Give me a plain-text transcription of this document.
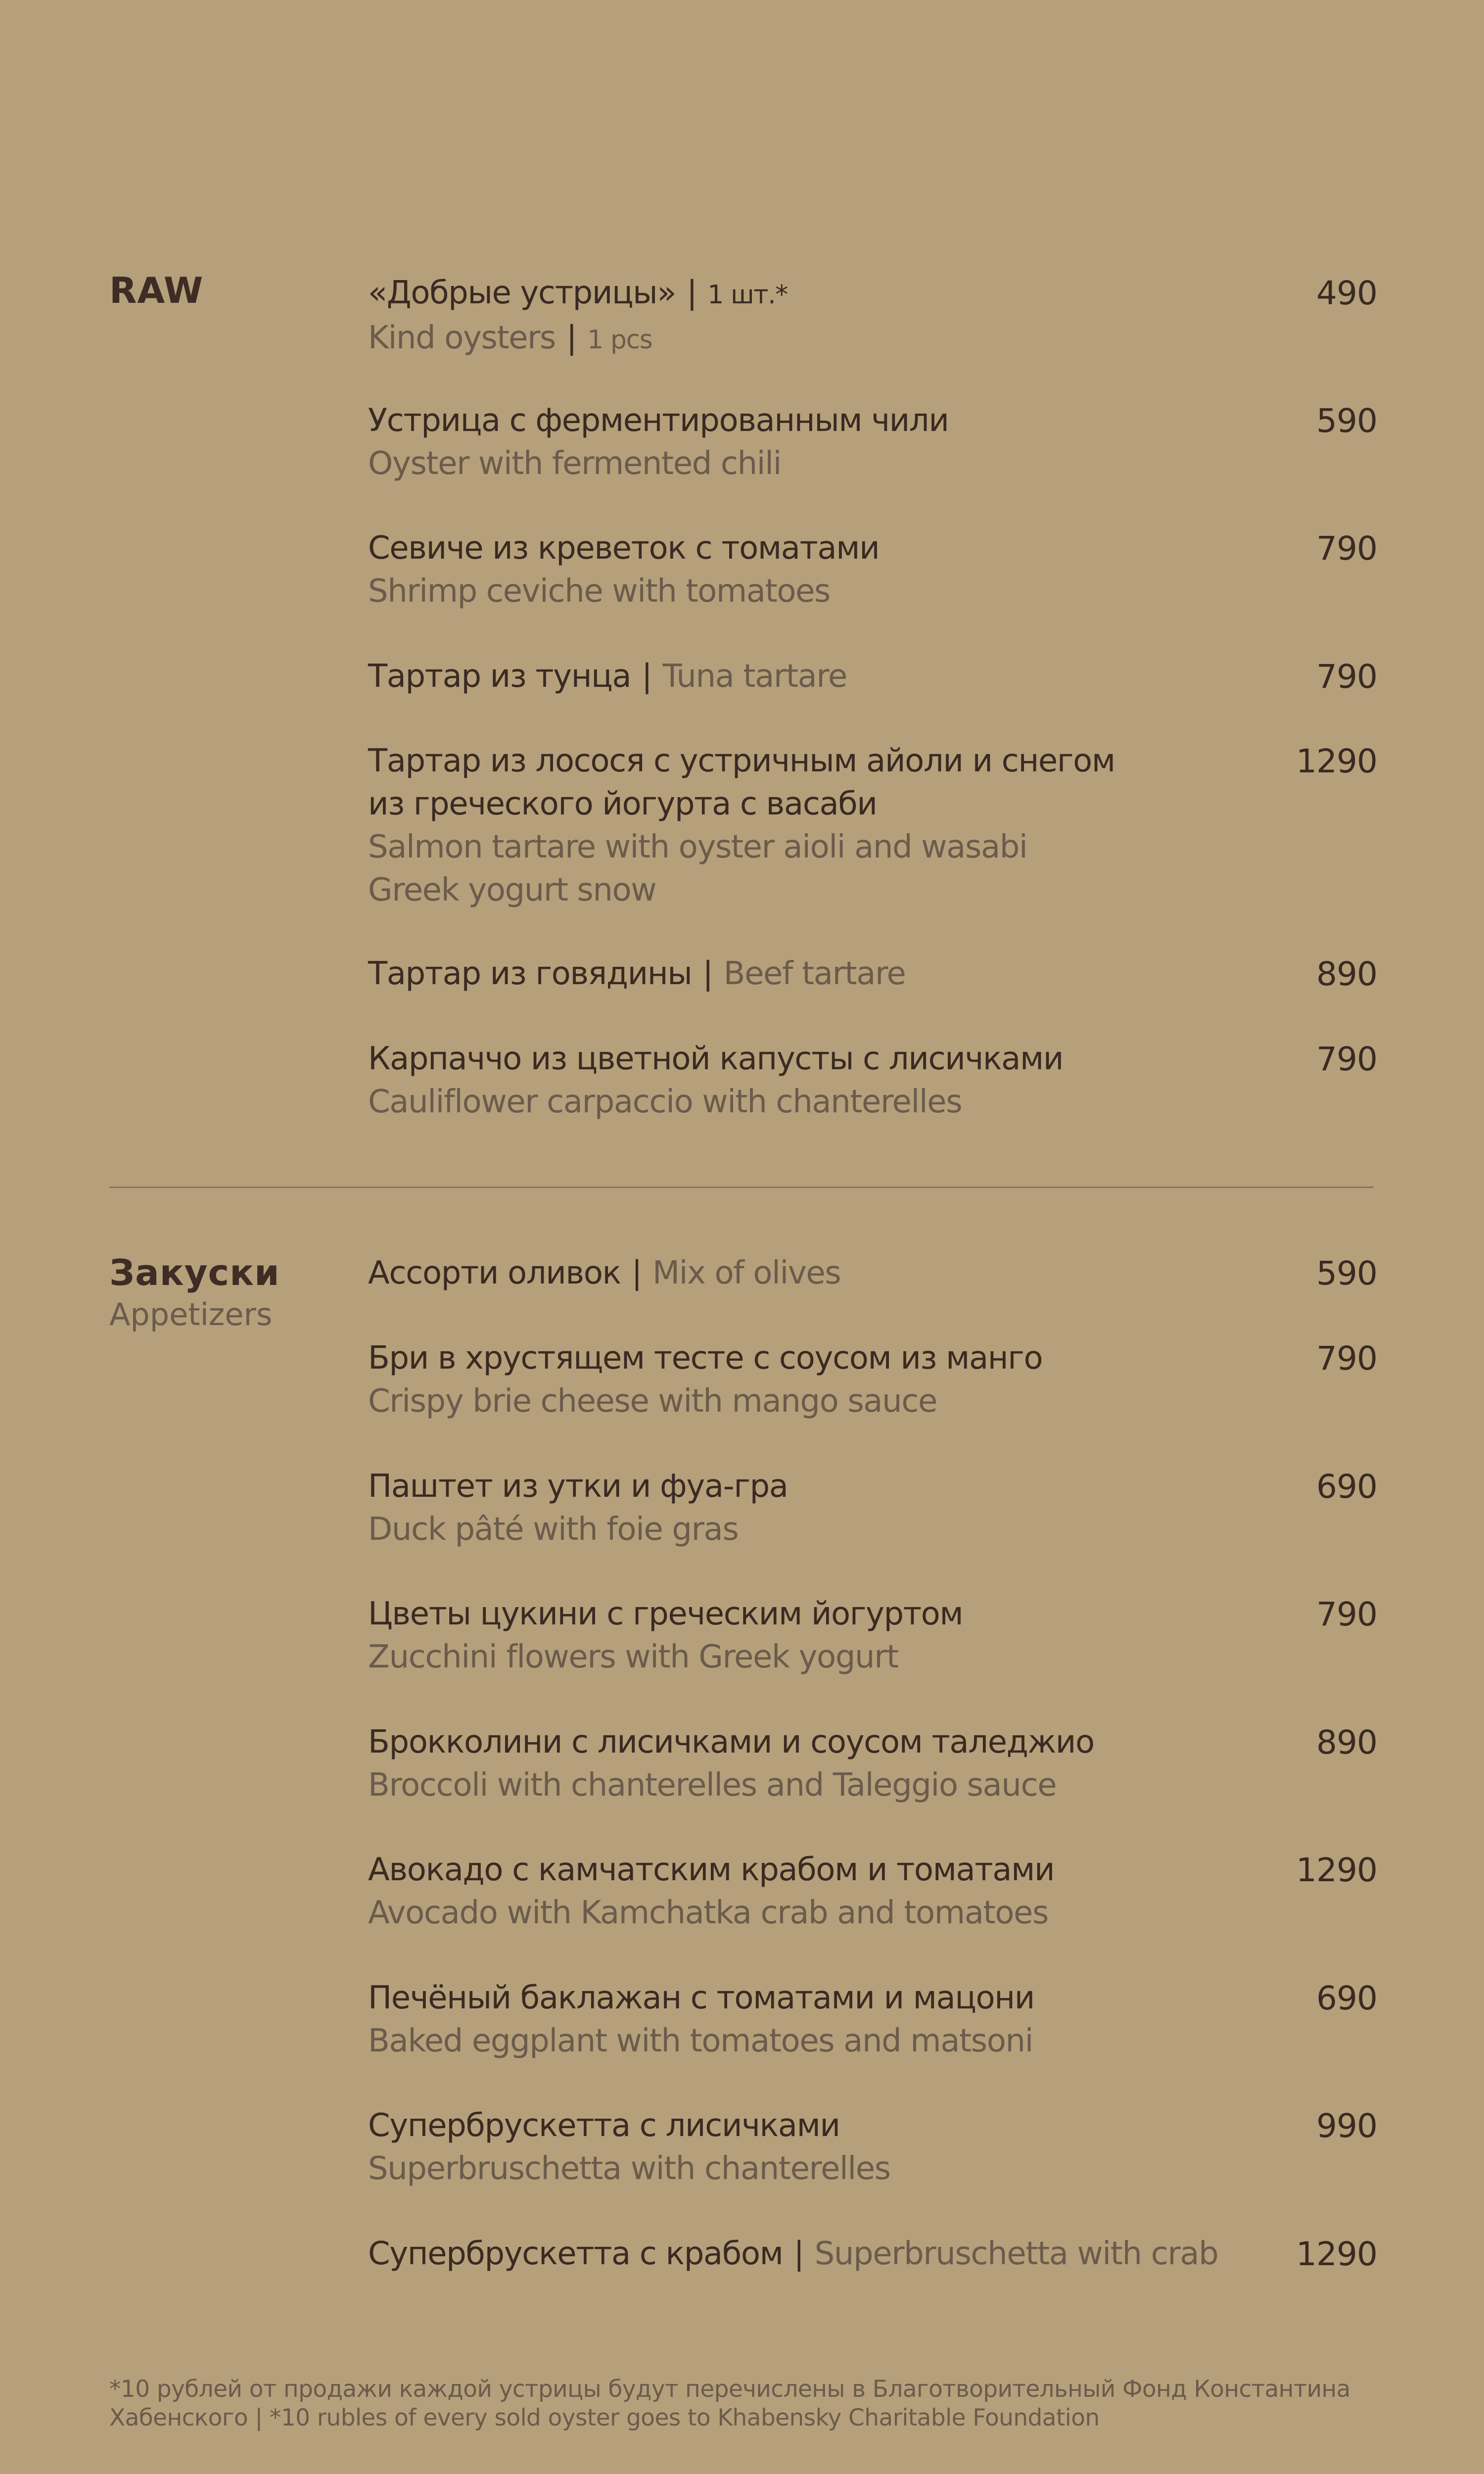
RAW	«Добрые устрицы» | 1 шт.*
Kind oysters | 1 pcs
490
Устрица с ферментированным чили
Oyster with fermented chili
590
Севиче из креветок с томатами
Shrimp ceviche with tomatoes
790
Тартар из тунца | Tuna tartare	790
Тартар из лосося с устричным айоли и снегом
из греческого йогурта с васаби
Salmon tartare with oyster aioli and wasabi
Greek yogurt snow
1290
Тартар из говядины | Beef tartare	890
Карпаччо из цветной капусты с лисичками
Cauliflower carpaccio with chanterelles
790
Закуски
Appetizers
Ассорти оливок | Mix of olives	590
Бри в хрустящем тесте с соусом из манго
Crispy brie cheese with mango sauce
790
Паштет из утки и фуа-гра
Duck pâté with foie gras
690
Цветы цукини с греческим йогуртом
Zucchini flowers with Greek yogurt
790
Брокколини с лисичками и соусом таледжио
Broccoli with chanterelles and Taleggio sauce
890
Авокадо с камчатским крабом и томатами
Avocado with Kamchatka crab and tomatoes
1290
Печёный баклажан с томатами и мацони
Baked eggplant with tomatoes and matsoni
690
Супербрускетта с лисичками
Superbruschetta with chanterelles
990
Супербрускетта с крабом | Superbruschetta with crab	1290
*10 рублей от продажи каждой устрицы будут перечислены в Благотворительный Фонд Константина
Хабенского | *10 rubles of every sold oyster goes to Khabensky Charitable Foundation
